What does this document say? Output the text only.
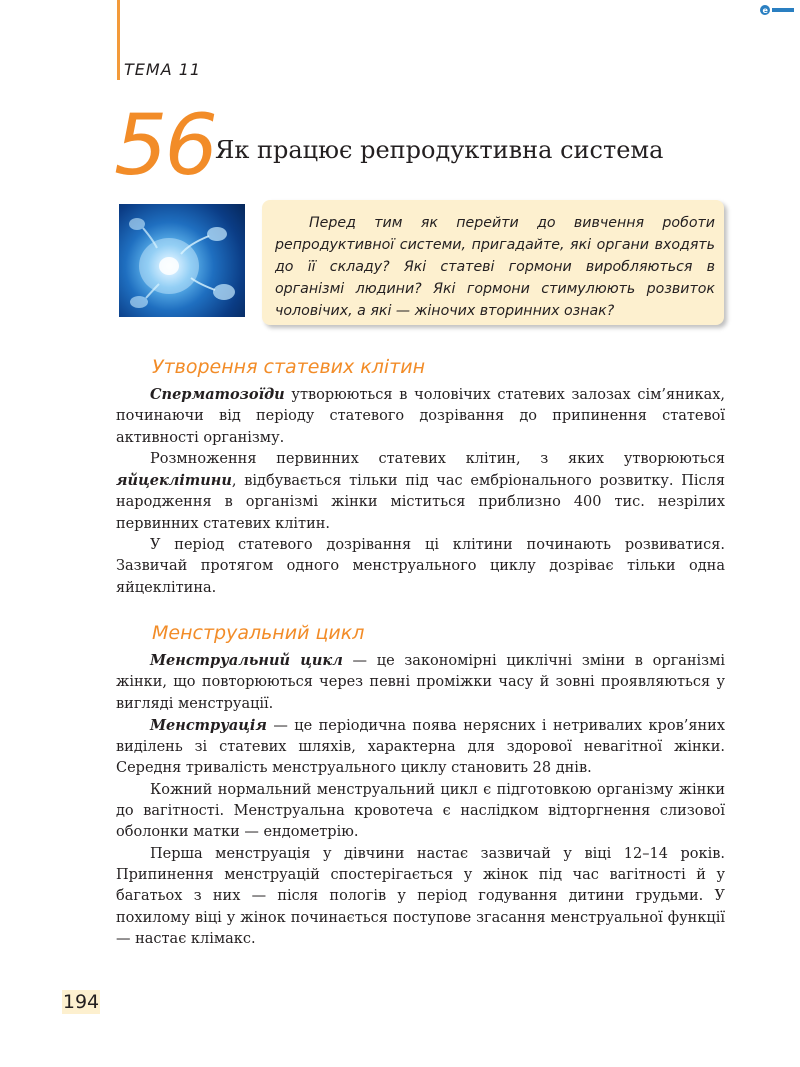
ТЕМА 11
e
56 Як працює репродуктивна система

Перед тим як перейти до вивчення роботи репродуктивної системи, пригадайте, які органи входять до її складу? Які статеві гормони виробляються в організмі людини? Які гормони стимулюють розвиток чоловічих, а які — жіночих вторинних ознак?

Утворення статевих клітин

Сперматозоїди утворюються в чоловічих статевих залозах сім’яниках, починаючи від періоду статевого дозрівання до припинення статевої активності організму.

Розмноження первинних статевих клітин, з яких утворюються яйцеклітини, відбувається тільки під час ембріонального розвитку. Після народження в організмі жінки міститься приблизно 400 тис. незрілих первинних статевих клітин.

У період статевого дозрівання ці клітини починають розвиватися. Зазвичай протягом одного менструального циклу дозріває тільки одна яйцеклітина.

Менструальний цикл

Менструальний цикл — це закономірні циклічні зміни в організмі жінки, що повторюються через певні проміжки часу й зовні проявляються у вигляді менструації.

Менструація — це періодична поява нерясних і нетривалих кров’яних виділень зі статевих шляхів, характерна для здорової невагітної жінки. Середня тривалість менструального циклу становить 28 днів.

Кожний нормальний менструальний цикл є підготовкою організму жінки до вагітності. Менструальна кровотеча є наслідком відторгнення слизової оболонки матки — ендометрію.

Перша менструація у дівчини настає зазвичай у віці 12–14 років. Припинення менструацій спостерігається у жінок під час вагітності й у багатьох з них — після пологів у період годування дитини грудьми. У похилому віці у жінок починається поступове згасання менструальної функції — настає клімакс.

194
